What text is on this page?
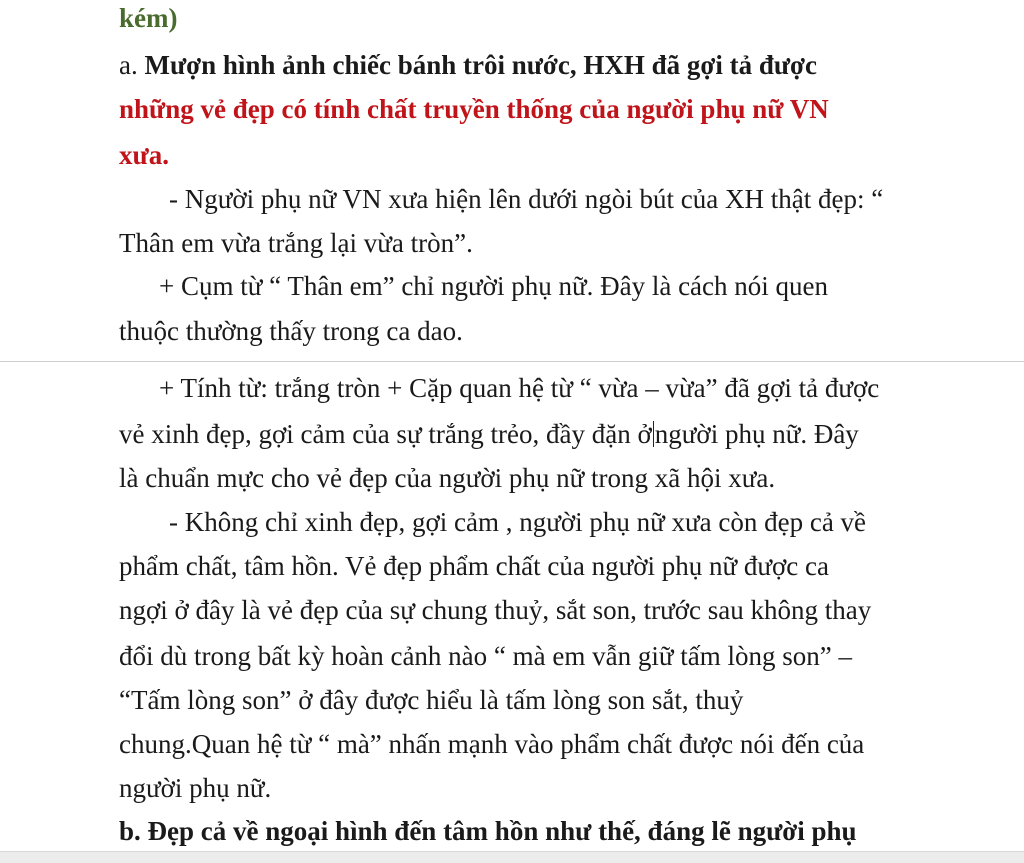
kém)
a. Mượn hình ảnh chiếc bánh trôi nước, HXH đã gợi tả được
những vẻ đẹp có tính chất truyền thống của người phụ nữ VN
xưa.
- Người phụ nữ VN xưa hiện lên dưới ngòi bút của XH thật đẹp: “
Thân em vừa trắng lại vừa tròn”.
+ Cụm từ “ Thân em” chỉ người phụ nữ. Đây là cách nói quen
thuộc thường thấy trong ca dao.
+ Tính từ: trắng tròn + Cặp quan hệ từ “ vừa – vừa” đã gợi tả được
vẻ xinh đẹp, gợi cảm của sự trắng trẻo, đầy đặn ở người phụ nữ. Đây
là chuẩn mực cho vẻ đẹp của người phụ nữ trong xã hội xưa.
- Không chỉ xinh đẹp, gợi cảm , người phụ nữ xưa còn đẹp cả về
phẩm chất, tâm hồn. Vẻ đẹp phẩm chất của người phụ nữ được ca
ngợi ở đây là vẻ đẹp của sự chung thuỷ, sắt son, trước sau không thay
đổi dù trong bất kỳ hoàn cảnh nào “ mà em vẫn giữ tấm lòng son” –
“Tấm lòng son” ở đây được hiểu là tấm lòng son sắt, thuỷ
chung.Quan hệ từ “ mà” nhấn mạnh vào phẩm chất được nói đến của
người phụ nữ.
b. Đẹp cả về ngoại hình đến tâm hồn như thế, đáng lẽ người phụ
